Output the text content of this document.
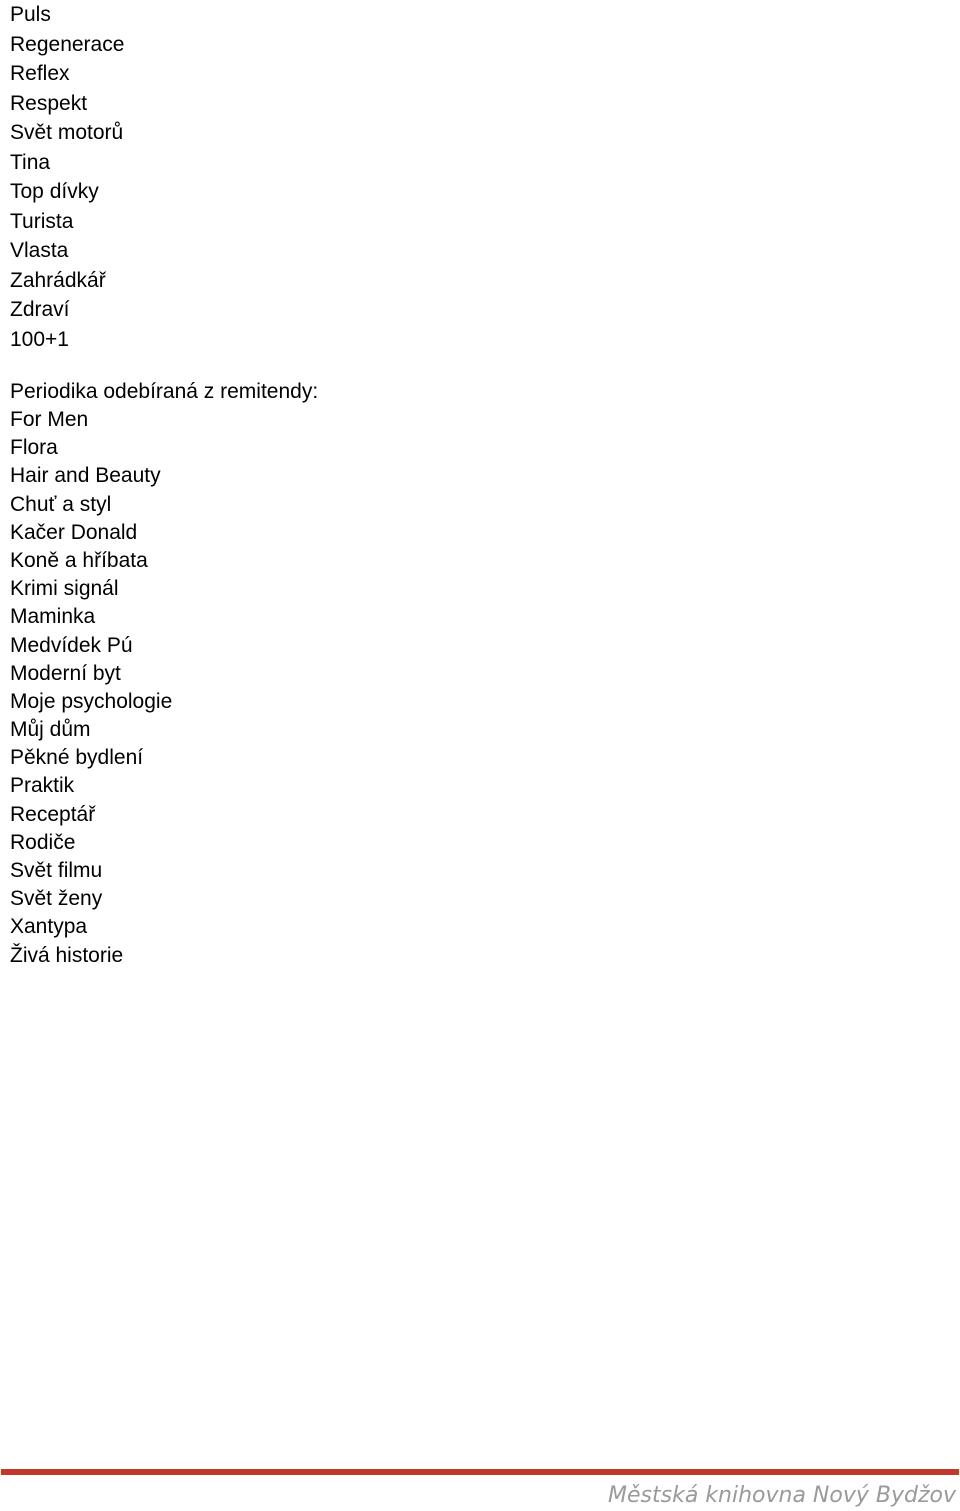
Puls
Regenerace
Reflex
Respekt
Svět motorů
Tina
Top dívky
Turista
Vlasta
Zahrádkář
Zdraví
100+1

Periodika odebíraná z remitendy:

For Men
Flora
Hair and Beauty
Chuť a styl
Kačer Donald
Koně a hříbata
Krimi signál
Maminka
Medvídek Pú
Moderní byt
Moje psychologie
Můj dům
Pěkné bydlení
Praktik
Receptář
Rodiče
Svět filmu
Svět ženy
Xantypa
Živá historie
Městská knihovna Nový Bydžov
